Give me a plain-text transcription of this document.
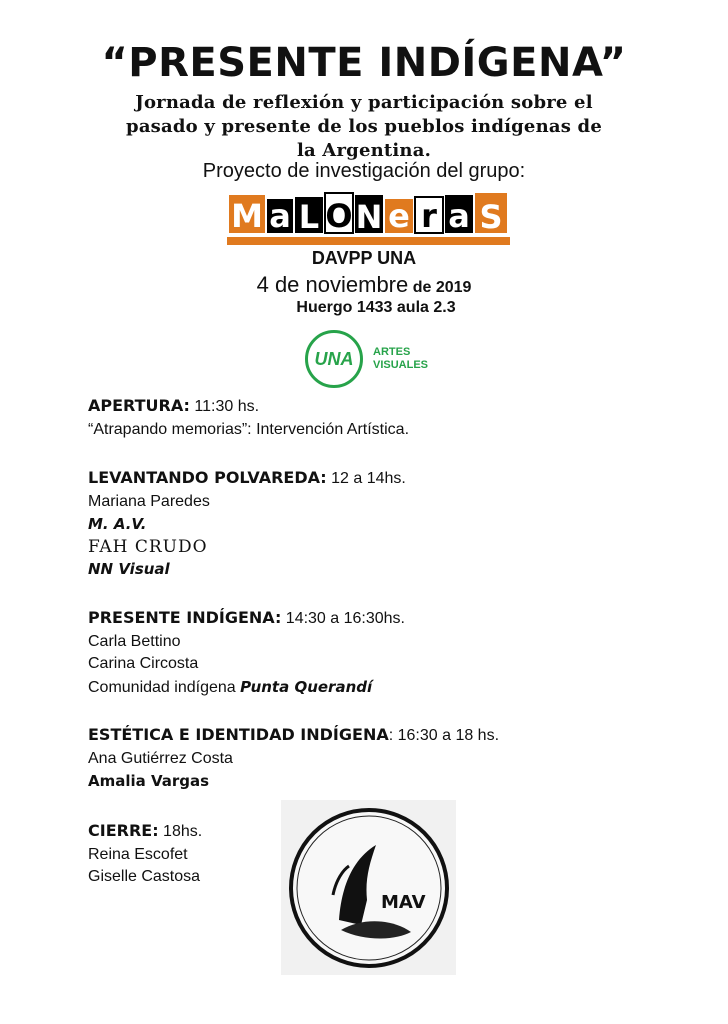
“PRESENTE INDÍGENA”
Jornada de reflexión y participación sobre el
pasado y presente de los pueblos indígenas de
la Argentina.
Proyecto de investigación del grupo:
M a L O N e r a S
DAVPP UNA
4 de noviembre de 2019
Huergo 1433 aula 2.3
UNA ARTES
VISUALES
APERTURA: 11:30 hs.
“Atrapando memorias”: Intervención Artística.
LEVANTANDO POLVAREDA: 12 a 14hs.
Mariana Paredes
M. A.V.
FAH CRUDO
NN Visual
PRESENTE INDÍGENA: 14:30 a 16:30hs.
Carla Bettino
Carina Circosta
Comunidad indígena Punta Querandí
ESTÉTICA E IDENTIDAD INDÍGENA: 16:30 a 18 hs.
Ana Gutiérrez Costa
Amalia Vargas
CIERRE: 18hs.
Reina Escofet
Giselle Castosa
MAV
